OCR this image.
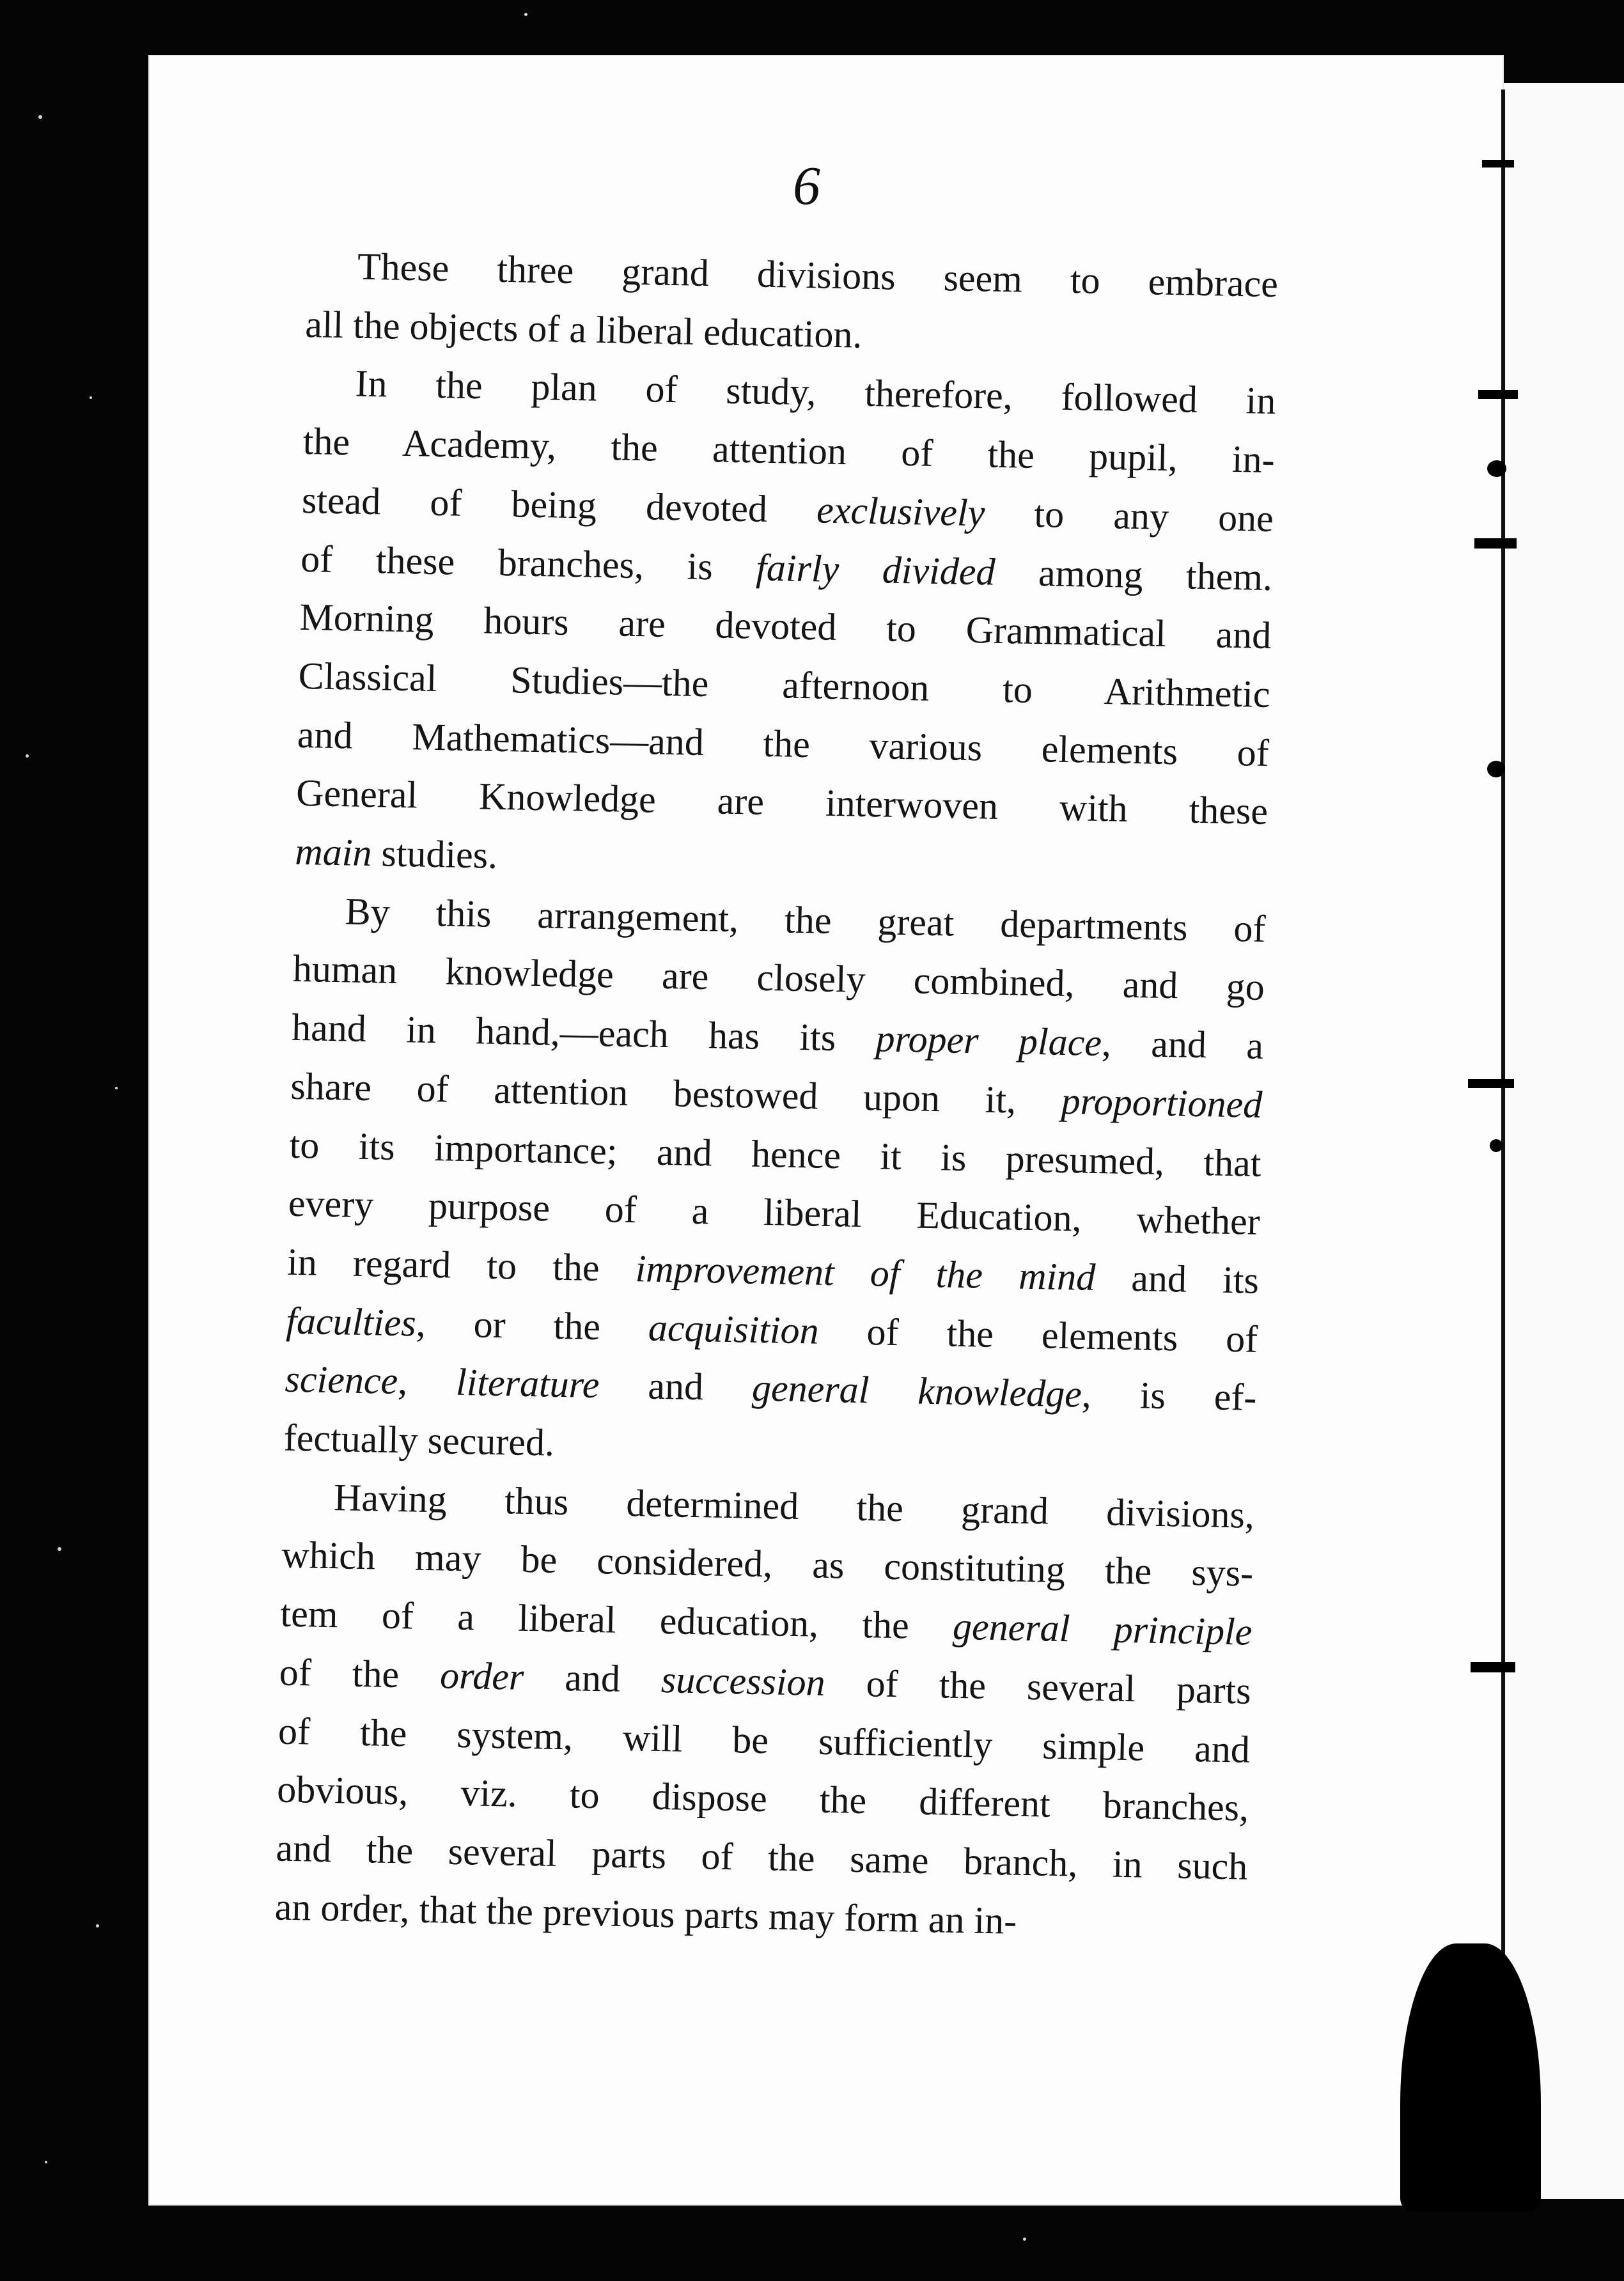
6
These three grand divisions seem to embrace
all the objects of a liberal education.
In the plan of study, therefore, followed in
the Academy, the attention of the pupil, in-
stead of being devoted exclusively to any one
of these branches, is fairly divided among them.
Morning hours are devoted to Grammatical and
Classical Studies—the afternoon to Arithmetic
and Mathematics—and the various elements of
General Knowledge are interwoven with these
main studies.
By this arrangement, the great departments of
human knowledge are closely combined, and go
hand in hand,—each has its proper place, and a
share of attention bestowed upon it, proportioned
to its importance; and hence it is presumed, that
every purpose of a liberal Education, whether
in regard to the improvement of the mind and its
faculties, or the acquisition of the elements of
science, literature and general knowledge, is ef-
fectually secured.
Having thus determined the grand divisions,
which may be considered, as constituting the sys-
tem of a liberal education, the general principle
of the order and succession of the several parts
of the system, will be sufficiently simple and
obvious, viz. to dispose the different branches,
and the several parts of the same branch, in such
an order, that the previous parts may form an in-
